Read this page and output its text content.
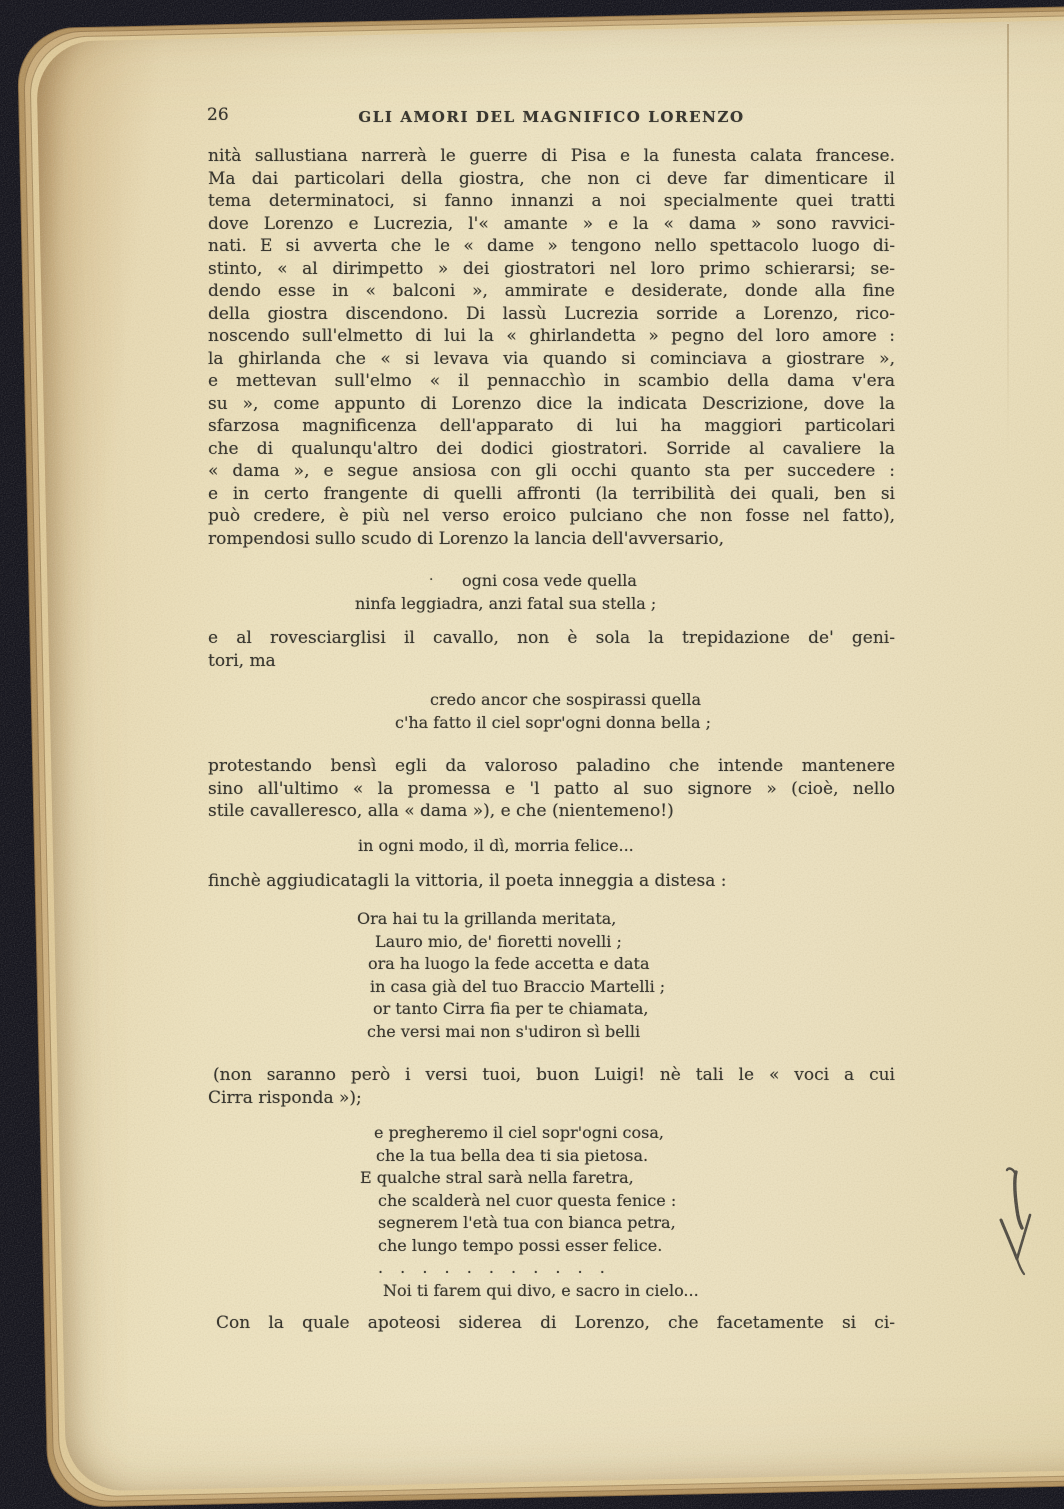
26	GLI AMORI DEL MAGNIFICO LORENZO
nità sallustiana narrerà le guerre di Pisa e la funesta calata francese.
Ma dai particolari della giostra, che non ci deve far dimenticare il
tema determinatoci, si fanno innanzi a noi specialmente quei tratti
dove Lorenzo e Lucrezia, l'« amante » e la « dama » sono ravvici-
nati. E si avverta che le « dame » tengono nello spettacolo luogo di-
stinto, « al dirimpetto » dei giostratori nel loro primo schierarsi; se-
dendo esse in « balconi », ammirate e desiderate, donde alla fine
della giostra discendono. Di lassù Lucrezia sorride a Lorenzo, rico-
noscendo sull'elmetto di lui la « ghirlandetta » pegno del loro amore :
la ghirlanda che « si levava via quando si cominciava a giostrare »,
e mettevan sull'elmo « il pennacchìo in scambio della dama v'era
su », come appunto di Lorenzo dice la indicata Descrizione, dove la
sfarzosa magnificenza dell'apparato di lui ha maggiori particolari
che di qualunqu'altro dei dodici giostratori. Sorride al cavaliere la
« dama », e segue ansiosa con gli occhi quanto sta per succedere :
e in certo frangente di quelli affronti (la terribilità dei quali, ben si
può credere, è più nel verso eroico pulciano che non fosse nel fatto),
rompendosi sullo scudo di Lorenzo la lancia dell'avversario,
· ogni cosa vede quella
ninfa leggiadra, anzi fatal sua stella ;
e al rovesciarglisi il cavallo, non è sola la trepidazione de' geni-
tori, ma
credo ancor che sospirassi quella
c'ha fatto il ciel sopr'ogni donna bella ;
protestando bensì egli da valoroso paladino che intende mantenere
sino all'ultimo « la promessa e 'l patto al suo signore » (cioè, nello
stile cavalleresco, alla « dama »), e che (nientemeno!)
in ogni modo, il dì, morria felice...
finchè aggiudicatagli la vittoria, il poeta inneggia a distesa :
Ora hai tu la grillanda meritata,
Lauro mio, de' fioretti novelli ;
ora ha luogo la fede accetta e data
in casa già del tuo Braccio Martelli ;
or tanto Cirra fia per te chiamata,
che versi mai non s'udiron sì belli
(non saranno però i versi tuoi, buon Luigi! nè tali le « voci a cui
Cirra risponda »);
e pregheremo il ciel sopr'ogni cosa,
che la tua bella dea ti sia pietosa.
E qualche stral sarà nella faretra,
che scalderà nel cuor questa fenice :
segnerem l'età tua con bianca petra,
che lungo tempo possi esser felice.
. . . . . . . . . . .
Noi ti farem qui divo, e sacro in cielo...
Con la quale apoteosi siderea di Lorenzo, che facetamente si ci-
